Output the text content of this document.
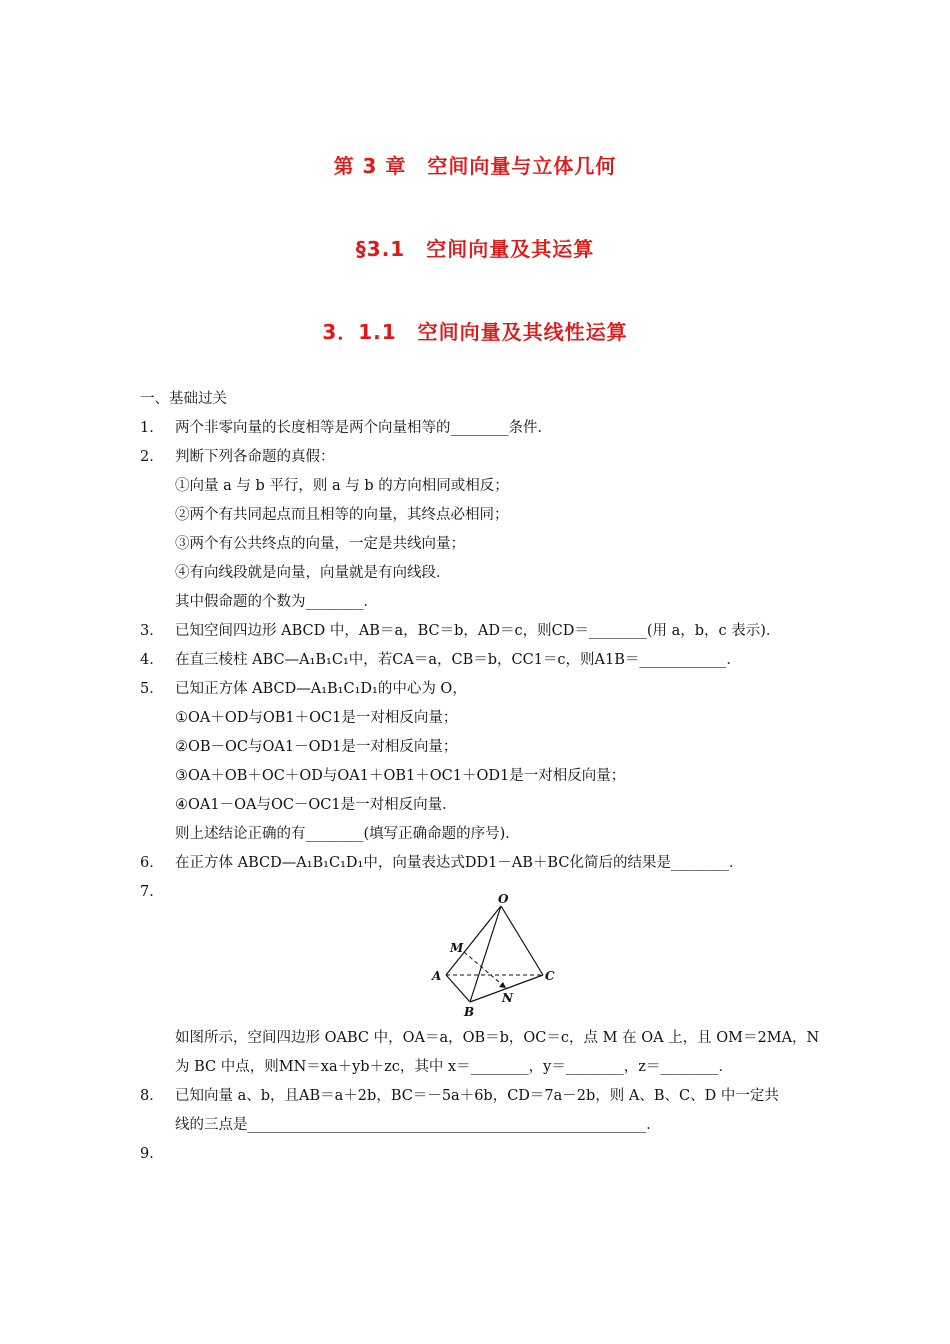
第 3 章　空间向量与立体几何
§3.1　空间向量及其运算
3．1.1　空间向量及其线性运算
一、基础过关
1． 两个非零向量的长度相等是两个向量相等的________条件．
2． 判断下列各命题的真假：
①向量 a 与 b 平行，则 a 与 b 的方向相同或相反；
②两个有共同起点而且相等的向量，其终点必相同；
③两个有公共终点的向量，一定是共线向量；
④有向线段就是向量，向量就是有向线段．
其中假命题的个数为________．
3． 已知空间四边形 ABCD 中，AB＝a，BC＝b，AD＝c，则CD＝________(用 a，b，c 表示)．
4． 在直三棱柱 ABC—A₁B₁C₁中，若CA＝a，CB＝b，CC1＝c，则A1B＝____________．
5． 已知正方体 ABCD—A₁B₁C₁D₁的中心为 O，
①OA＋OD与OB1＋OC1是一对相反向量；
②OB－OC与OA1－OD1是一对相反向量；
③OA＋OB＋OC＋OD与OA1＋OB1＋OC1＋OD1是一对相反向量；
④OA1－OA与OC－OC1是一对相反向量．
则上述结论正确的有________(填写正确命题的序号)．
6． 在正方体 ABCD—A₁B₁C₁D₁中，向量表达式DD1－AB＋BC化简后的结果是________．
7．	O
M
A
B
C
N
如图所示，空间四边形 OABC 中，OA＝a，OB＝b，OC＝c，点 M 在 OA 上，且 OM＝2MA，N
为 BC 中点，则MN＝xa＋yb＋zc，其中 x＝________，y＝________，z＝________．
8． 已知向量 a、b，且AB＝a＋2b，BC＝－5a＋6b，CD＝7a－2b，则 A、B、C、D 中一定共
线的三点是_______________________________________________________．
9．
